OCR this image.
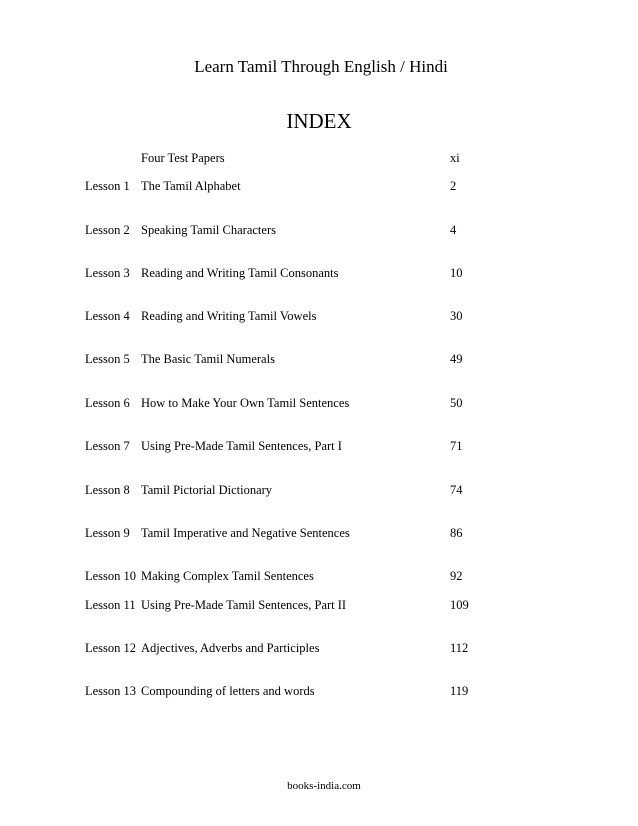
Learn Tamil Through English / Hindi
INDEX
Four Test Papers	xi
Lesson 1 The Tamil Alphabet	2
Lesson 2 Speaking Tamil Characters	4
Lesson 3 Reading and Writing Tamil Consonants	10
Lesson 4 Reading and Writing Tamil Vowels	30
Lesson 5 The Basic Tamil Numerals	49
Lesson 6 How to Make Your Own Tamil Sentences	50
Lesson 7 Using Pre-Made Tamil Sentences, Part I	71
Lesson 8 Tamil Pictorial Dictionary	74
Lesson 9 Tamil Imperative and Negative Sentences	86
Lesson 10 Making Complex Tamil Sentences	92
Lesson 11 Using Pre-Made Tamil Sentences, Part II	109
Lesson 12 Adjectives, Adverbs and Participles	112
Lesson 13 Compounding of letters and words	119
books-india.com
